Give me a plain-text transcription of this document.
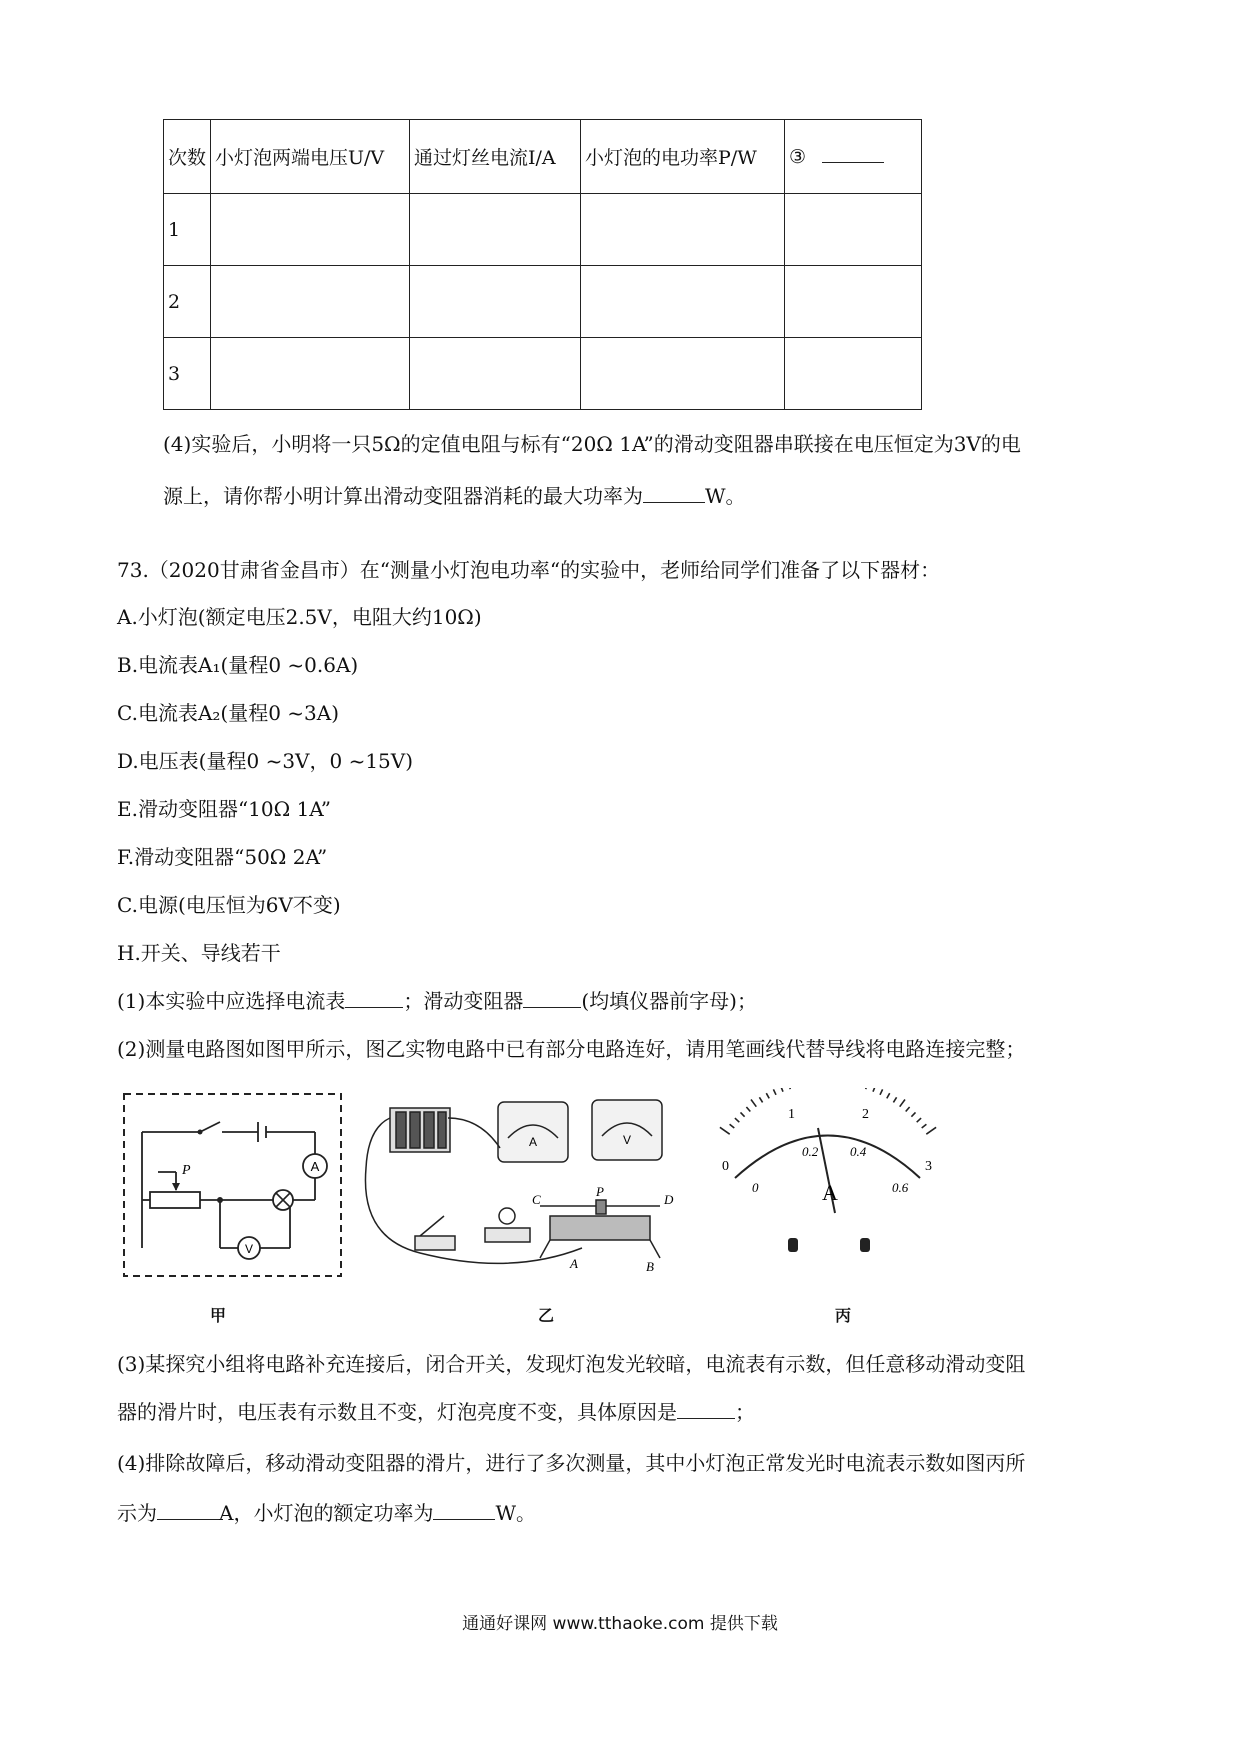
次数	小灯泡两端电压U/V	通过灯丝电流I/A	小灯泡的电功率P/W	③
1				
2				
3				
(4)实验后，小明将一只5Ω的定值电阻与标有“20Ω 1A”的滑动变阻器串联接在电压恒定为3V的电
源上，请你帮小明计算出滑动变阻器消耗的最大功率为	W。
73.（2020甘肃省金昌市）在“测量小灯泡电功率“的实验中，老师给同学们准备了以下器材：
A.小灯泡(额定电压2.5V，电阻大约10Ω)
B.电流表A₁(量程0 ~0.6A)
C.电流表A₂(量程0 ~3A)
D.电压表(量程0 ~3V，0 ~15V)
E.滑动变阻器“10Ω 1A”
F.滑动变阻器“50Ω 2A”
C.电源(电压恒为6V不变)
H.开关、导线若干
(1)本实验中应选择电流表	；滑动变阻器	(均填仪器前字母)；
(2)测量电路图如图甲所示，图乙实物电路中已有部分电路连好，请用笔画线代替导线将电路连接完整；
A
V
P
甲
A	V
C
P
D
A	B
乙
0
1	2
3
0
0.2 0.4
0.6
A
丙
(3)某探究小组将电路补充连接后，闭合开关，发现灯泡发光较暗，电流表有示数，但任意移动滑动变阻
器的滑片时，电压表有示数且不变，灯泡亮度不变，具体原因是	；
(4)排除故障后，移动滑动变阻器的滑片，进行了多次测量，其中小灯泡正常发光时电流表示数如图丙所
示为	A，小灯泡的额定功率为	W。
通通好课网 www.tthaoke.com 提供下载
